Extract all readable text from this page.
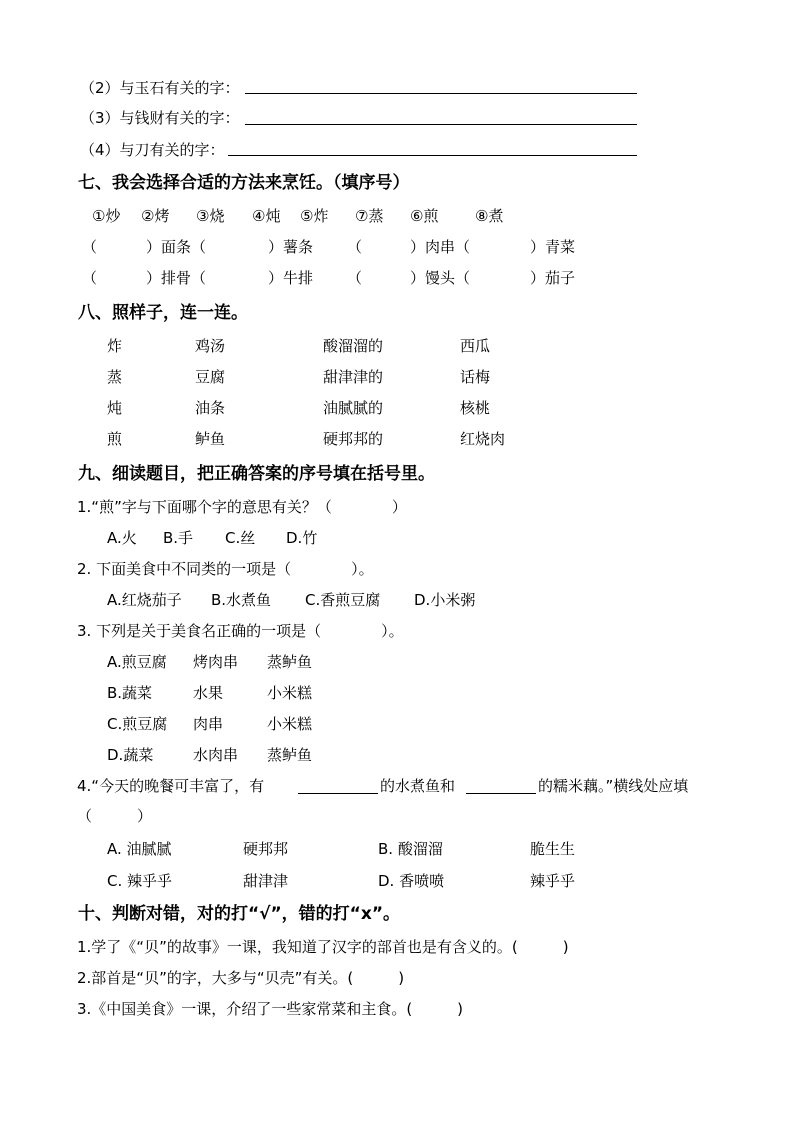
（2）与玉石有关的字：
（3）与钱财有关的字：
（4）与刀有关的字：
七、我会选择合适的方法来烹饪。（填序号）
①炒 ②烤 ③烧 ④炖 ⑤炸 ⑦蒸 ⑥煎 ⑧煮
（	）面条（	）薯条 （	）肉串（	）青菜
（	）排骨（	）牛排 （	）馒头（	）茄子
八、照样子，连一连。
炸	鸡汤	酸溜溜的	西瓜
蒸	豆腐	甜津津的	话梅
炖	油条	油腻腻的	核桃
煎	鲈鱼	硬邦邦的	红烧肉
九、细读题目，把正确答案的序号填在括号里。
1.“煎”字与下面哪个字的意思有关？（　　　　）
A.火 B.手 C.丝 D.竹
2. 下面美食中不同类的一项是（　　　　）。
A.红烧茄子 B.水煮鱼 C.香煎豆腐 D.小米粥
3. 下列是关于美食名正确的一项是（　　　　）。
A.煎豆腐 烤肉串 蒸鲈鱼
B.蔬菜	水果	小米糕
C.煎豆腐 肉串	小米糕
D.蔬菜	水肉串 蒸鲈鱼
4.“今天的晚餐可丰富了，有	的水煮鱼和	的糯米藕。”横线处应填
（　　　）
A. 油腻腻	硬邦邦	B. 酸溜溜	脆生生
C. 辣乎乎	甜津津	D. 香喷喷	辣乎乎
十、判断对错，对的打“√”，错的打“x”。
1.学了《“贝”的故事》一课，我知道了汉字的部首也是有含义的。(　　　)
2.部首是“贝”的字，大多与“贝壳”有关。(　　　)
3.《中国美食》一课，介绍了一些家常菜和主食。(　　　)
